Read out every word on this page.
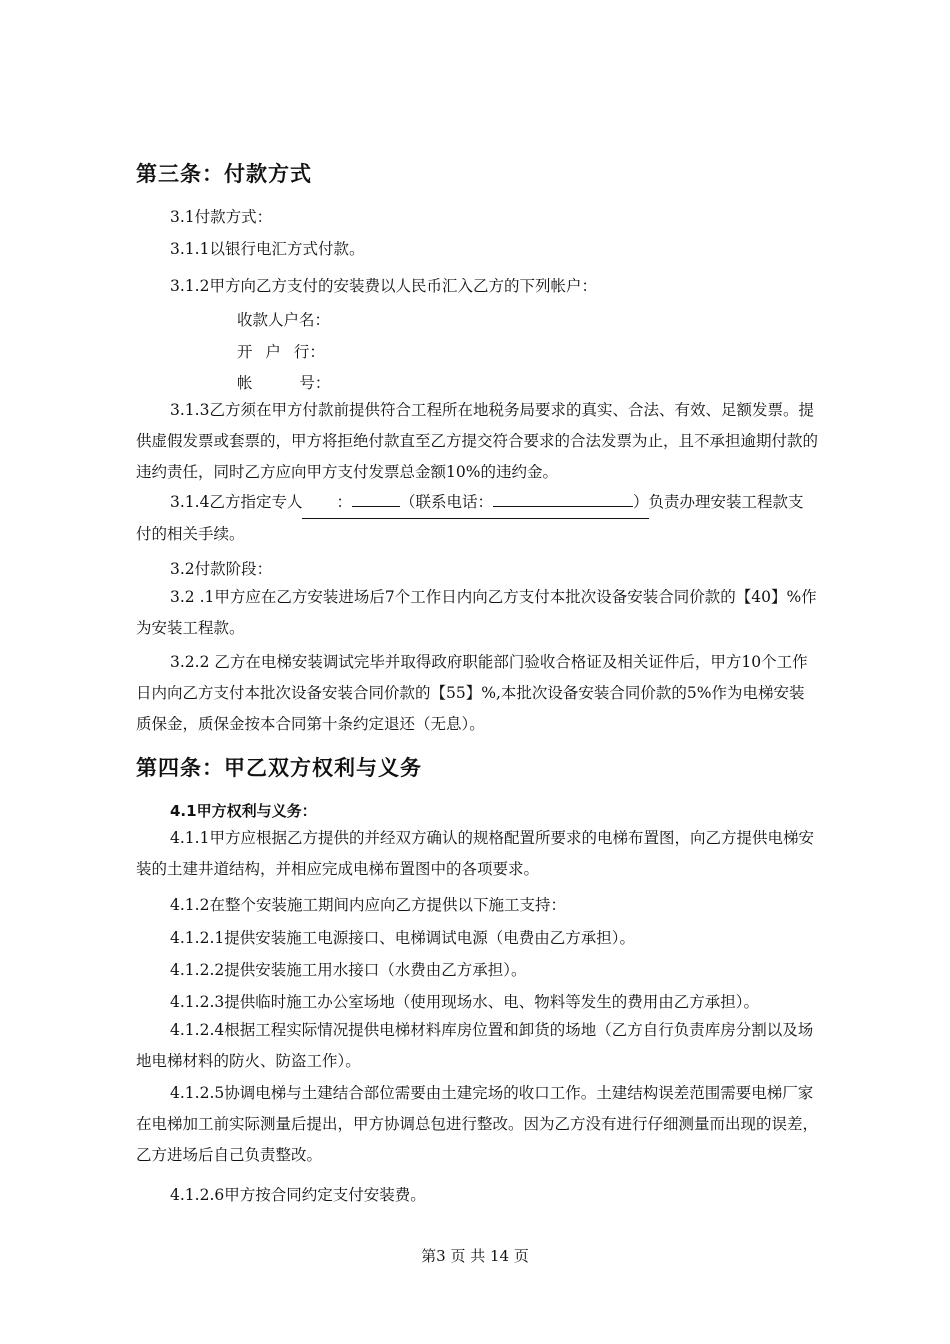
第三条：付款方式
3.1付款方式：
3.1.1以银行电汇方式付款。
3.1.2甲方向乙方支付的安装费以人民币汇入乙方的下列帐户：
收款人户名：
开 户 行：
帐 号：

3.1.3乙方须在甲方付款前提供符合工程所在地税务局要求的真实、合法、有效、足额发票。提供虚假发票或套票的，甲方将拒绝付款直至乙方提交符合要求的合法发票为止，且不承担逾期付款的违约责任，同时乙方应向甲方支付发票总金额10%的违约金。

3.1.4乙方指定专人 ：	（联系电话：	）负责办理安装工程款支付的相关手续。

3.2付款阶段：

3.2 .1甲方应在乙方安装进场后7个工作日内向乙方支付本批次设备安装合同价款的【40】%作为安装工程款。

3.2.2 乙方在电梯安装调试完毕并取得政府职能部门验收合格证及相关证件后，甲方10个工作日内向乙方支付本批次设备安装合同价款的【55】%,本批次设备安装合同价款的5%作为电梯安装质保金，质保金按本合同第十条约定退还（无息）。

第四条：甲乙双方权利与义务
4.1甲方权利与义务：

4.1.1甲方应根据乙方提供的并经双方确认的规格配置所要求的电梯布置图，向乙方提供电梯安装的土建井道结构，并相应完成电梯布置图中的各项要求。

4.1.2在整个安装施工期间内应向乙方提供以下施工支持：
4.1.2.1提供安装施工电源接口、电梯调试电源（电费由乙方承担）。
4.1.2.2提供安装施工用水接口（水费由乙方承担）。
4.1.2.3提供临时施工办公室场地（使用现场水、电、物料等发生的费用由乙方承担）。

4.1.2.4根据工程实际情况提供电梯材料库房位置和卸货的场地（乙方自行负责库房分割以及场地电梯材料的防火、防盗工作）。

4.1.2.5协调电梯与土建结合部位需要由土建完场的收口工作。土建结构误差范围需要电梯厂家在电梯加工前实际测量后提出，甲方协调总包进行整改。因为乙方没有进行仔细测量而出现的误差，乙方进场后自己负责整改。

4.1.2.6甲方按合同约定支付安装费。
第3 页 共 14 页
